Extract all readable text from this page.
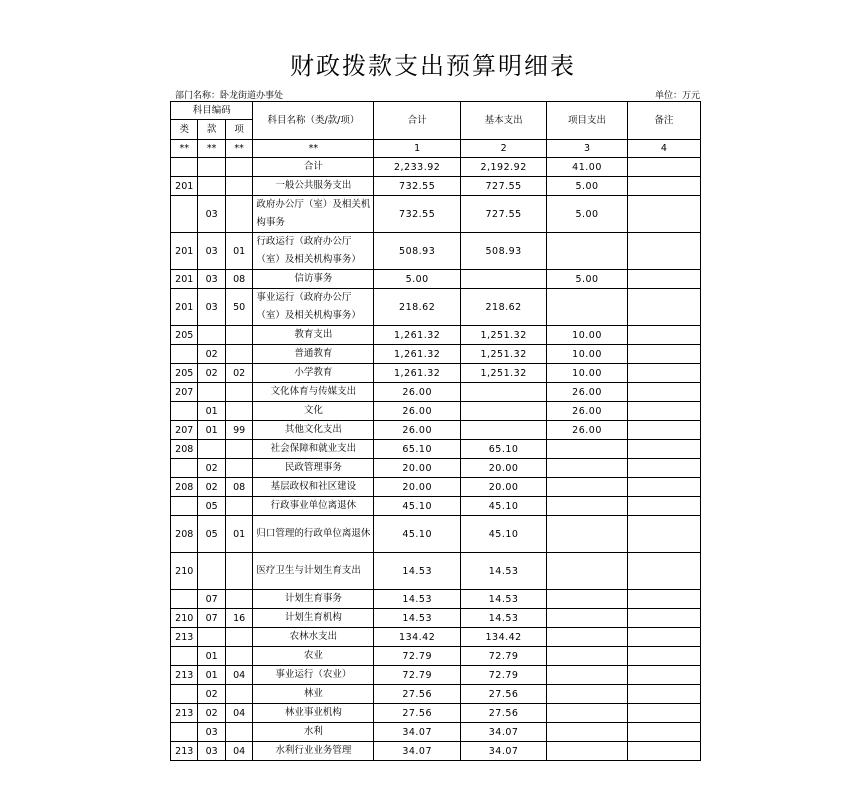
财政拨款支出预算明细表
部门名称：卧龙街道办事处	单位：万元
科目编码			科目名称（类/款/项）	合计	基本支出	项目支出	备注
类	款	项					
**	**	**	**	1	2	3	4
			合计	2,233.92	2,192.92	41.00	
201			一般公共服务支出	732.55	727.55	5.00	
	03		政府办公厅（室）及相关机构事务	732.55	727.55	5.00	
201	03	01	行政运行（政府办公厅（室）及相关机构事务）	508.93	508.93		
201	03	08	信访事务	5.00		5.00	
201	03	50	事业运行（政府办公厅（室）及相关机构事务）	218.62	218.62		
205			教育支出	1,261.32	1,251.32	10.00	
	02		普通教育	1,261.32	1,251.32	10.00	
205	02	02	小学教育	1,261.32	1,251.32	10.00	
207			文化体育与传媒支出	26.00		26.00	
	01		文化	26.00		26.00	
207	01	99	其他文化支出	26.00		26.00	
208			社会保障和就业支出	65.10	65.10		
	02		民政管理事务	20.00	20.00		
208	02	08	基层政权和社区建设	20.00	20.00		
	05		行政事业单位离退休	45.10	45.10		
208	05	01	归口管理的行政单位离退休	45.10	45.10		
210			医疗卫生与计划生育支出	14.53	14.53		
	07		计划生育事务	14.53	14.53		
210	07	16	计划生育机构	14.53	14.53		
213			农林水支出	134.42	134.42		
	01		农业	72.79	72.79		
213	01	04	事业运行（农业）	72.79	72.79		
	02		林业	27.56	27.56		
213	02	04	林业事业机构	27.56	27.56		
	03		水利	34.07	34.07		
213	03	04	水利行业业务管理	34.07	34.07		
